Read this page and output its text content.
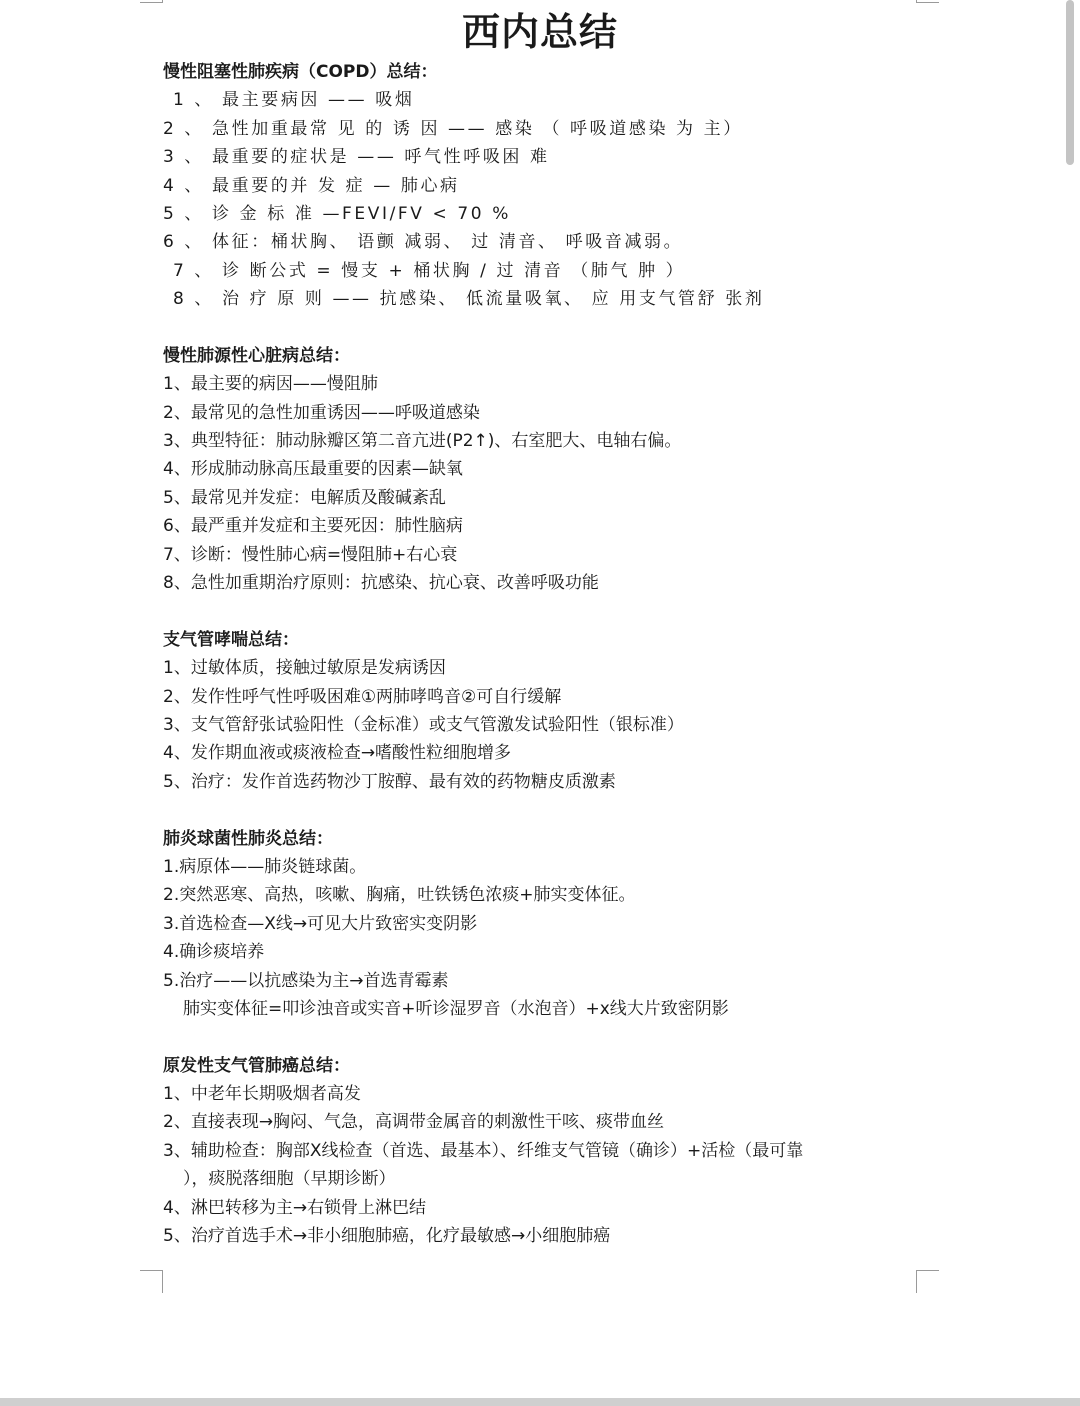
西内总结
慢性阻塞性肺疾病（COPD）总结：
1 、 最主要病因 —— 吸烟
2 、 急性加重最常 见 的 诱 因 —— 感染 （ 呼吸道感染 为 主）
3 、 最重要的症状是 —— 呼气性呼吸困 难
4 、 最重要的并 发 症 — 肺心病
5 、 诊 金 标 准 —FEVI/FV < 70 %
6 、 体征：桶状胸、 语颤 减弱、 过 清音、 呼吸音减弱。
7 、 诊 断公式 = 慢支 + 桶状胸 / 过 清音 （肺气 肿 ）
8 、 治 疗 原 则 —— 抗感染、 低流量吸氧、 应 用支气管舒 张剂
慢性肺源性心脏病总结：
1、最主要的病因——慢阻肺
2、最常见的急性加重诱因——呼吸道感染
3、典型特征：肺动脉瓣区第二音亢进(P2↑)、右室肥大、电轴右偏。
4、形成肺动脉高压最重要的因素—缺氧
5、最常见并发症：电解质及酸碱紊乱
6、最严重并发症和主要死因：肺性脑病
7、诊断：慢性肺心病=慢阻肺+右心衰
8、急性加重期治疗原则：抗感染、抗心衰、改善呼吸功能
支气管哮喘总结：
1、过敏体质，接触过敏原是发病诱因
2、发作性呼气性呼吸困难①两肺哮鸣音②可自行缓解
3、支气管舒张试验阳性（金标准）或支气管激发试验阳性（银标准）
4、发作期血液或痰液检查→嗜酸性粒细胞增多
5、治疗：发作首选药物沙丁胺醇、最有效的药物糖皮质激素
肺炎球菌性肺炎总结：
1.病原体——肺炎链球菌。
2.突然恶寒、高热，咳嗽、胸痛，吐铁锈色浓痰+肺实变体征。
3.首选检查—X线→可见大片致密实变阴影
4.确诊痰培养
5.治疗——以抗感染为主→首选青霉素
肺实变体征=叩诊浊音或实音+听诊湿罗音（水泡音）+x线大片致密阴影
原发性支气管肺癌总结：
1、中老年长期吸烟者高发
2、直接表现→胸闷、气急，高调带金属音的刺激性干咳、痰带血丝
3、辅助检查：胸部X线检查（首选、最基本）、纤维支气管镜（确诊）+活检（最可靠
），痰脱落细胞（早期诊断）
4、淋巴转移为主→右锁骨上淋巴结
5、治疗首选手术→非小细胞肺癌，化疗最敏感→小细胞肺癌
